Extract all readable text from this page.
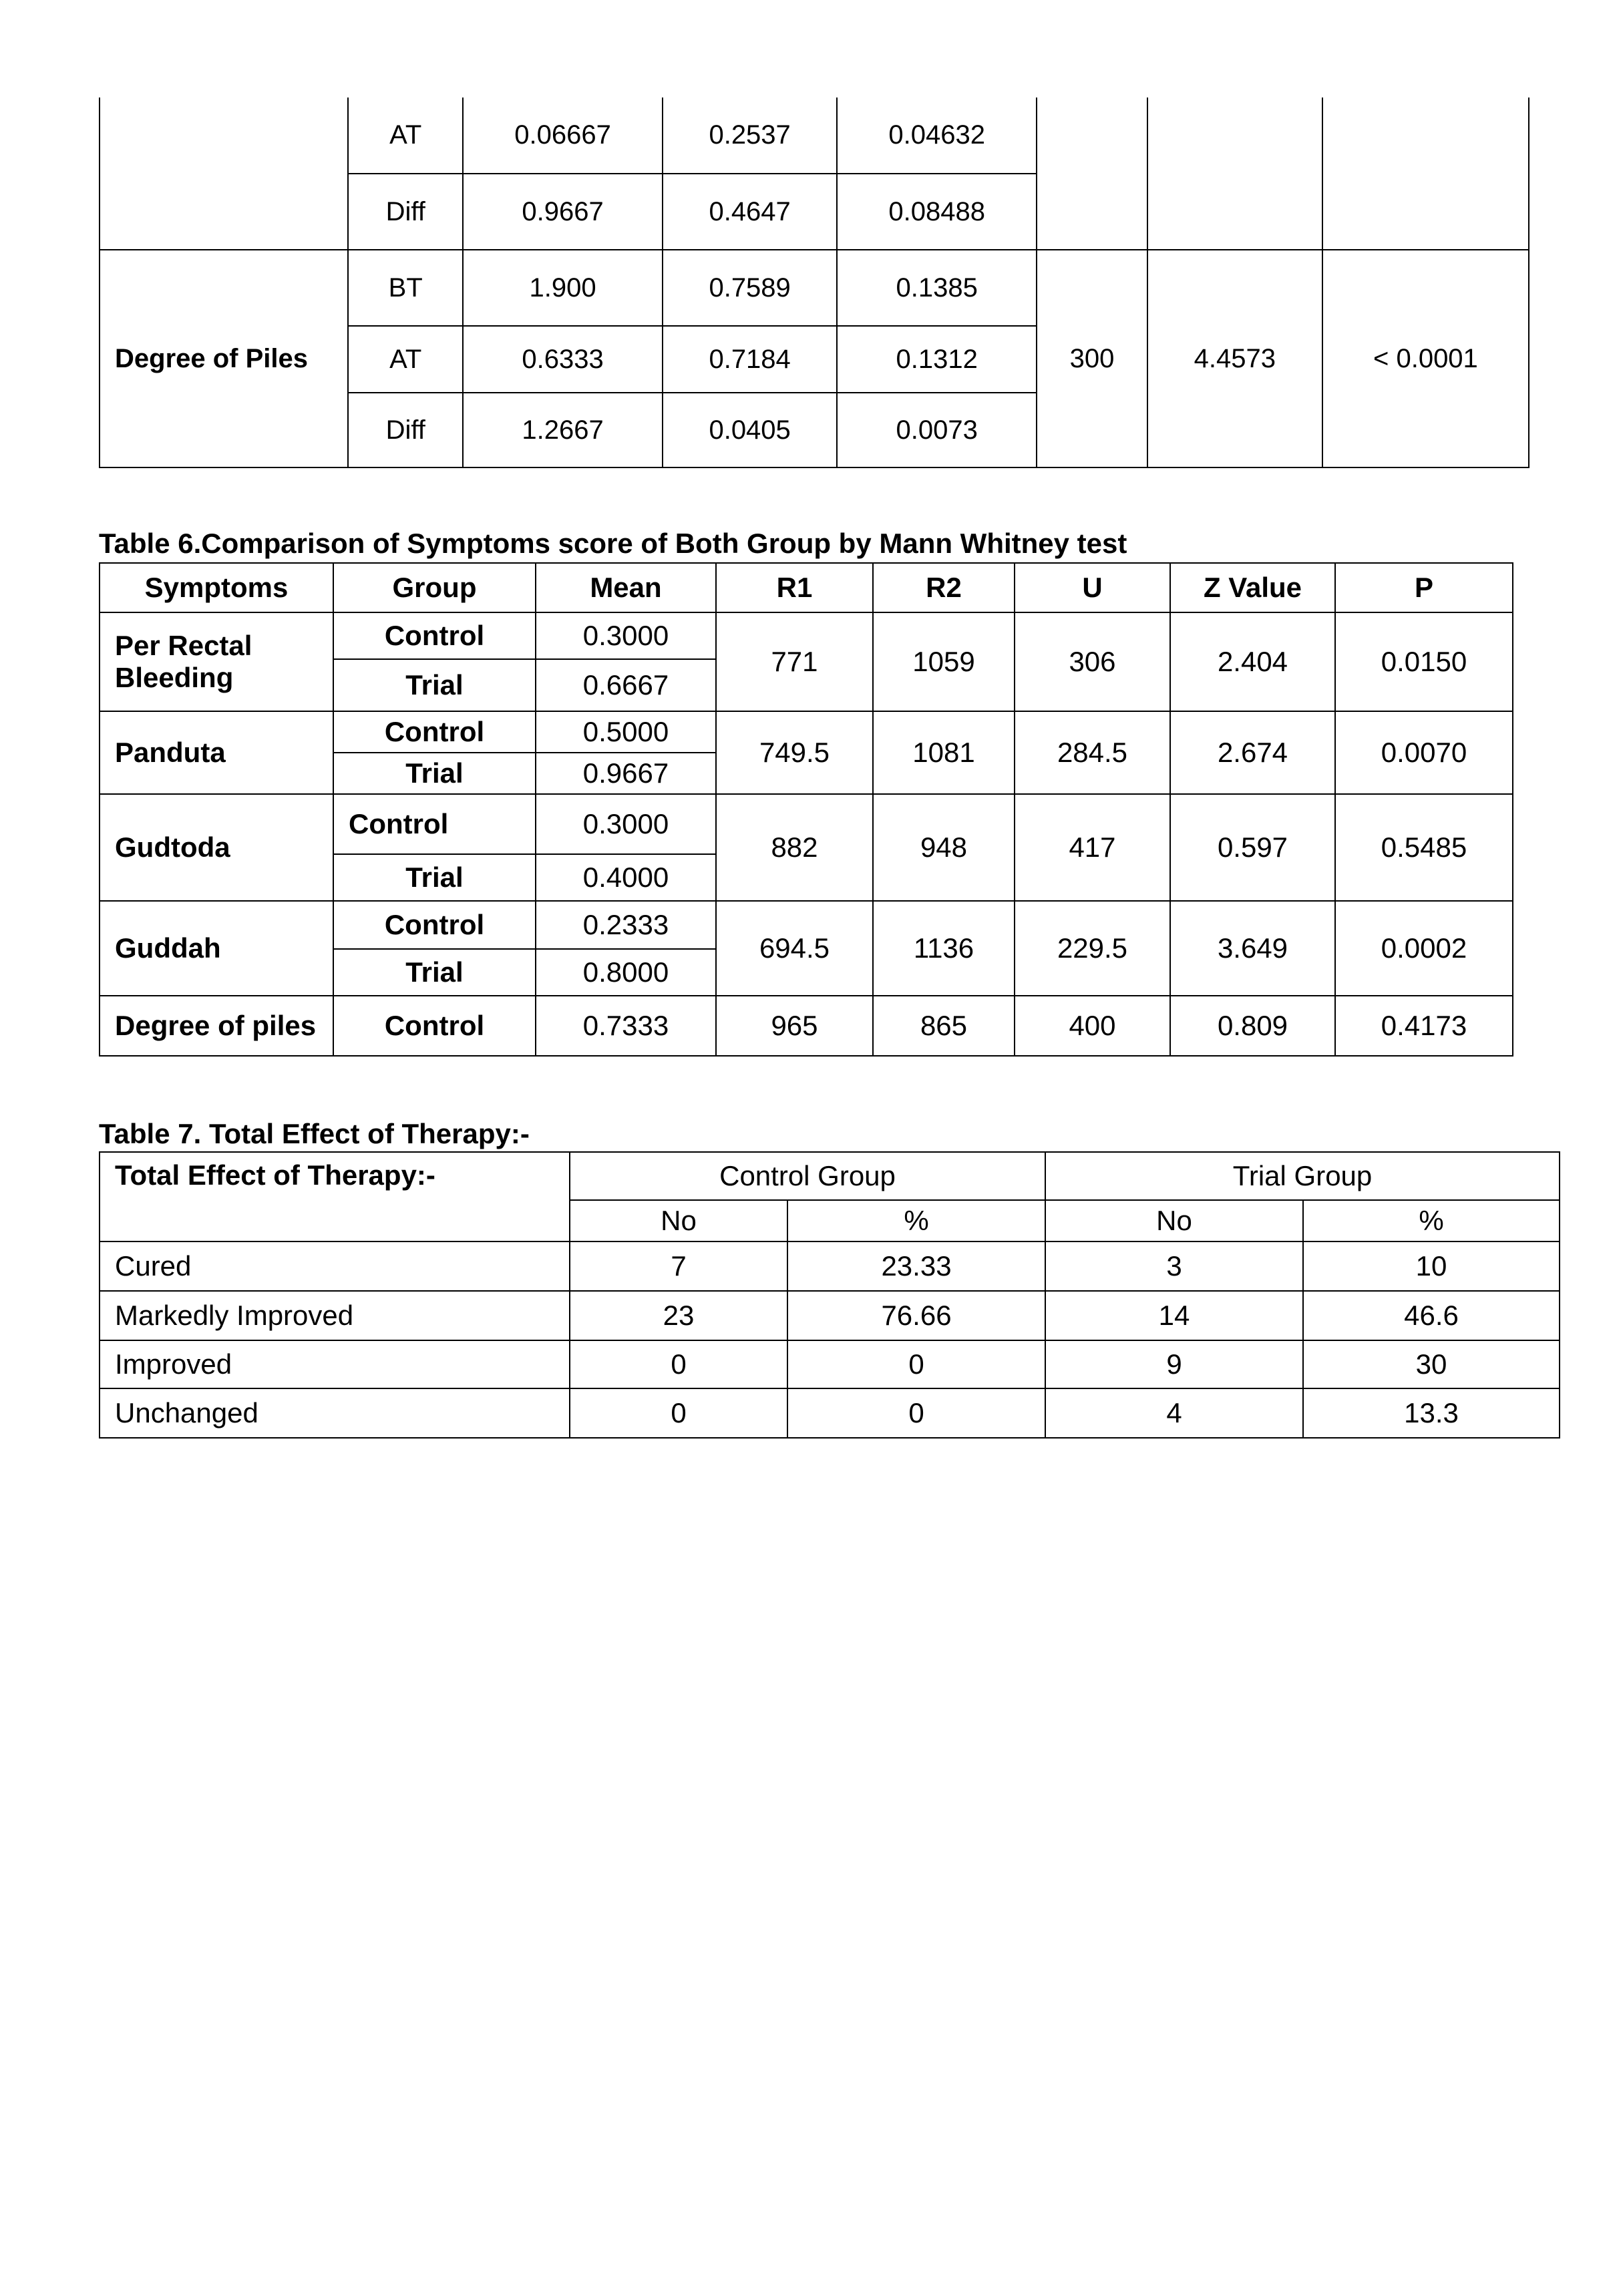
	AT	0.06667	0.2537	0.04632			
	Diff	0.9667	0.4647	0.08488			
Degree of Piles	BT	1.900	0.7589	0.1385	300	4.4573	< 0.0001
	AT	0.6333	0.7184	0.1312			
	Diff	1.2667	0.0405	0.0073			
Table 6.Comparison of Symptoms score of Both Group by Mann Whitney test
Symptoms	Group	Mean	R1	R2	U	Z Value	P
Per Rectal Bleeding	Control	0.3000	771	1059	306	2.404	0.0150
	Trial	0.6667					
Panduta	Control	0.5000	749.5	1081	284.5	2.674	0.0070
	Trial	0.9667					
Gudtoda	Control	0.3000	882	948	417	0.597	0.5485
	Trial	0.4000					
Guddah	Control	0.2333	694.5	1136	229.5	3.649	0.0002
	Trial	0.8000					
Degree of piles	Control	0.7333	965	865	400	0.809	0.4173
Table 7. Total Effect of Therapy:-
Total Effect of Therapy:-	Control Group		Trial Group	
	No	%	No	%
Cured	7	23.33	3	10
Markedly Improved	23	76.66	14	46.6
Improved	0	0	9	30
Unchanged	0	0	4	13.3
